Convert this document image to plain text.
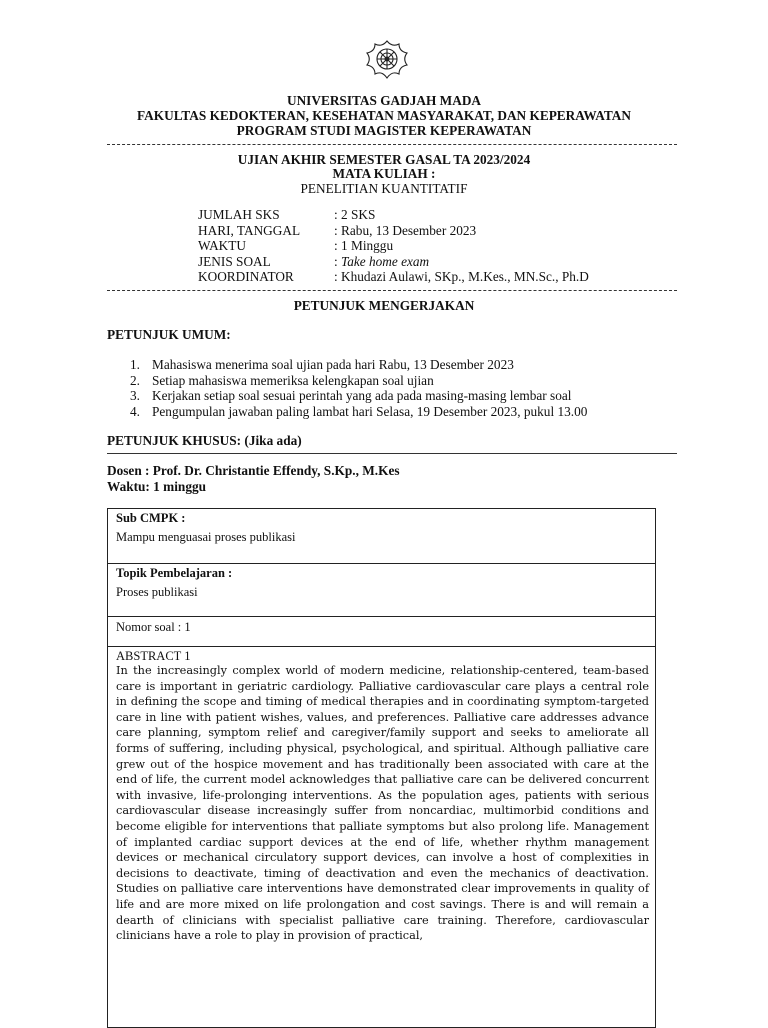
UNIVERSITAS GADJAH MADA
FAKULTAS KEDOKTERAN, KESEHATAN MASYARAKAT, DAN KEPERAWATAN
PROGRAM STUDI MAGISTER KEPERAWATAN
UJIAN AKHIR SEMESTER GASAL TA 2023/2024
MATA KULIAH :
PENELITIAN KUANTITATIF
JUMLAH SKS	: 2 SKS
HARI, TANGGAL	: Rabu, 13 Desember 2023
WAKTU	: 1 Minggu
JENIS SOAL	: Take home exam
KOORDINATOR	: Khudazi Aulawi, SKp., M.Kes., MN.Sc., Ph.D
PETUNJUK MENGERJAKAN
PETUNJUK UMUM:
1. Mahasiswa menerima soal ujian pada hari Rabu, 13 Desember 2023
2. Setiap mahasiswa memeriksa kelengkapan soal ujian
3. Kerjakan setiap soal sesuai perintah yang ada pada masing-masing lembar soal
4. Pengumpulan jawaban paling lambat hari Selasa, 19 Desember 2023, pukul 13.00
PETUNJUK KHUSUS: (Jika ada)
Dosen : Prof. Dr. Christantie Effendy, S.Kp., M.Kes
Waktu: 1 minggu
Sub CMPK :
Mampu menguasai proses publikasi
Topik Pembelajaran :
Proses publikasi
Nomor soal : 1
ABSTRACT 1

In the increasingly complex world of modern medicine, relationship-centered, team-based care is important in geriatric cardiology. Palliative cardiovascular care plays a central role in defining the scope and timing of medical therapies and in coordinating symptom-targeted care in line with patient wishes, values, and preferences. Palliative care addresses advance care planning, symptom relief and caregiver/family support and seeks to ameliorate all forms of suffering, including physical, psychological, and spiritual. Although palliative care grew out of the hospice movement and has traditionally been associated with care at the end of life, the current model acknowledges that palliative care can be delivered concurrent with invasive, life-prolonging interventions. As the population ages, patients with serious cardiovascular disease increasingly suffer from noncardiac, multimorbid conditions and become eligible for interventions that palliate symptoms but also prolong life. Management of implanted cardiac support devices at the end of life, whether rhythm management devices or mechanical circulatory support devices, can involve a host of complexities in decisions to deactivate, timing of deactivation and even the mechanics of deactivation. Studies on palliative care interventions have demonstrated clear improvements in quality of life and are more mixed on life prolongation and cost savings. There is and will remain a dearth of clinicians with specialist palliative care training. Therefore, cardiovascular clinicians have a role to play in provision of practical,
